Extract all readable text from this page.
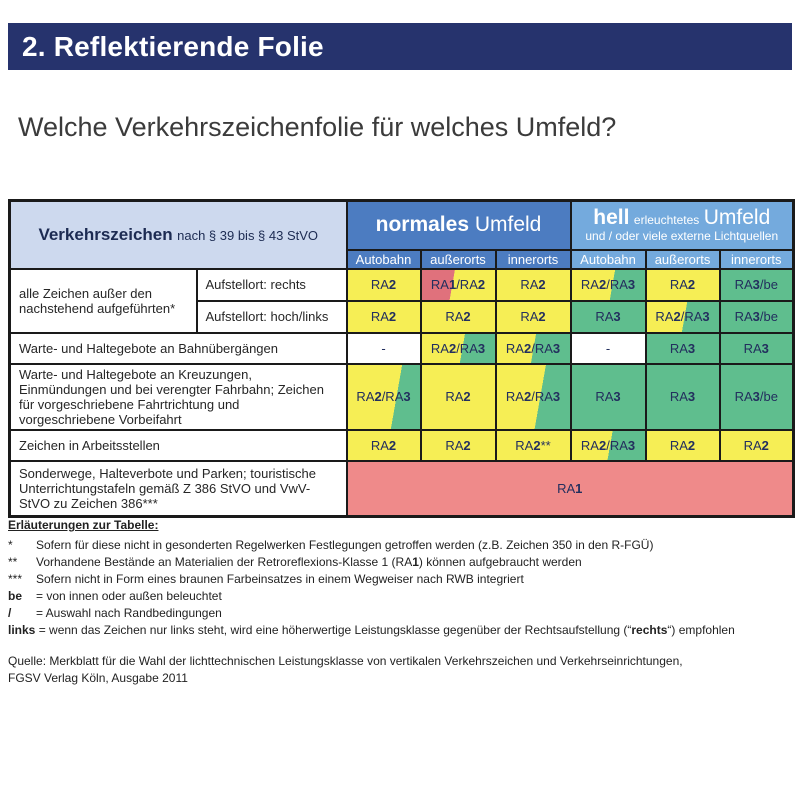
2. Reflektierende Folie
Welche Verkehrszeichenfolie für welches Umfeld?
Verkehrszeichen nach § 39 bis § 43 StVO		normales Umfeld			hell erleuchtetes Umfeld
und / oder viele externe Lichtquellen		

		Autobahn	außerorts	innerorts	Autobahn	außerorts	innerorts
alle Zeichen außer den nachstehend aufgeführten*	Aufstellort: rechts	RA2	RA1/RA2	RA2	RA2/RA3	RA2	RA3/be
	Aufstellort: hoch/links	RA2	RA2	RA2	RA3	RA2/RA3	RA3/be
Warte- und Haltegebote an Bahnübergängen		-	RA2/RA3	RA2/RA3	-	RA3	RA3
Warte- und Haltegebote an Kreuzungen, Einmündungen und bei verengter Fahrbahn; Zeichen für vorgeschriebene Fahrtrichtung und vorgeschriebene Vorbeifahrt		RA2/RA3	RA2	RA2/RA3	RA3	RA3	RA3/be
Zeichen in Arbeitsstellen		RA2	RA2	RA2**	RA2/RA3	RA2	RA2
Sonderwege, Halteverbote und Parken; touristische Unterrichtungstafeln gemäß Z 386 StVO und VwV-StVO zu Zeichen 386***		RA1					
Erläuterungen zur Tabelle:
*	Sofern für diese nicht in gesonderten Regelwerken Festlegungen getroffen werden (z.B. Zeichen 350 in den R-FGÜ)
**	Vorhandene Bestände an Materialien der Retroreflexions-Klasse 1 (RA1) können aufgebraucht werden
***	Sofern nicht in Form eines braunen Farbeinsatzes in einem Wegweiser nach RWB integriert
be	= von innen oder außen beleuchtet
/	= Auswahl nach Randbedingungen
links = wenn das Zeichen nur links steht, wird eine höherwertige Leistungsklasse gegenüber der Rechtsaufstellung (“rechts“) empfohlen
Quelle: Merkblatt für die Wahl der lichttechnischen Leistungsklasse von vertikalen Verkehrszeichen und Verkehrseinrichtungen,
FGSV Verlag Köln, Ausgabe 2011
